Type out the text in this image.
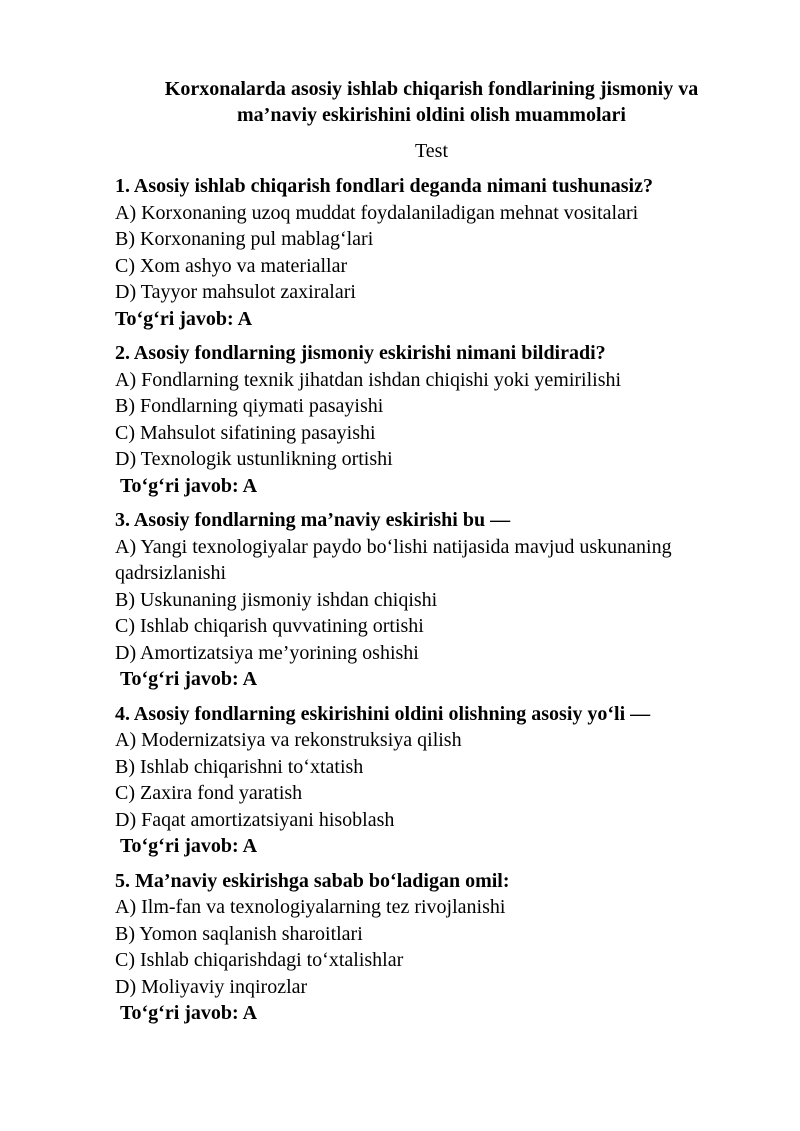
Korxonalarda asosiy ishlab chiqarish fondlarining jismoniy va ma’naviy eskirishini oldini olish muammolari

Test

1. Asosiy ishlab chiqarish fondlari deganda nimani tushunasiz?

A) Korxonaning uzoq muddat foydalaniladigan mehnat vositalari

B) Korxonaning pul mablag‘lari

C) Xom ashyo va materiallar

D) Tayyor mahsulot zaxiralari

To‘g‘ri javob: A

2. Asosiy fondlarning jismoniy eskirishi nimani bildiradi?

A) Fondlarning texnik jihatdan ishdan chiqishi yoki yemirilishi

B) Fondlarning qiymati pasayishi

C) Mahsulot sifatining pasayishi

D) Texnologik ustunlikning ortishi

To‘g‘ri javob: A

3. Asosiy fondlarning ma’naviy eskirishi bu —

A) Yangi texnologiyalar paydo bo‘lishi natijasida mavjud uskunaning qadrsizlanishi

B) Uskunaning jismoniy ishdan chiqishi

C) Ishlab chiqarish quvvatining ortishi

D) Amortizatsiya me’yorining oshishi

To‘g‘ri javob: A

4. Asosiy fondlarning eskirishini oldini olishning asosiy yo‘li —

A) Modernizatsiya va rekonstruksiya qilish

B) Ishlab chiqarishni to‘xtatish

C) Zaxira fond yaratish

D) Faqat amortizatsiyani hisoblash

To‘g‘ri javob: A

5. Ma’naviy eskirishga sabab bo‘ladigan omil:

A) Ilm-fan va texnologiyalarning tez rivojlanishi

B) Yomon saqlanish sharoitlari

C) Ishlab chiqarishdagi to‘xtalishlar

D) Moliyaviy inqirozlar

To‘g‘ri javob: A
